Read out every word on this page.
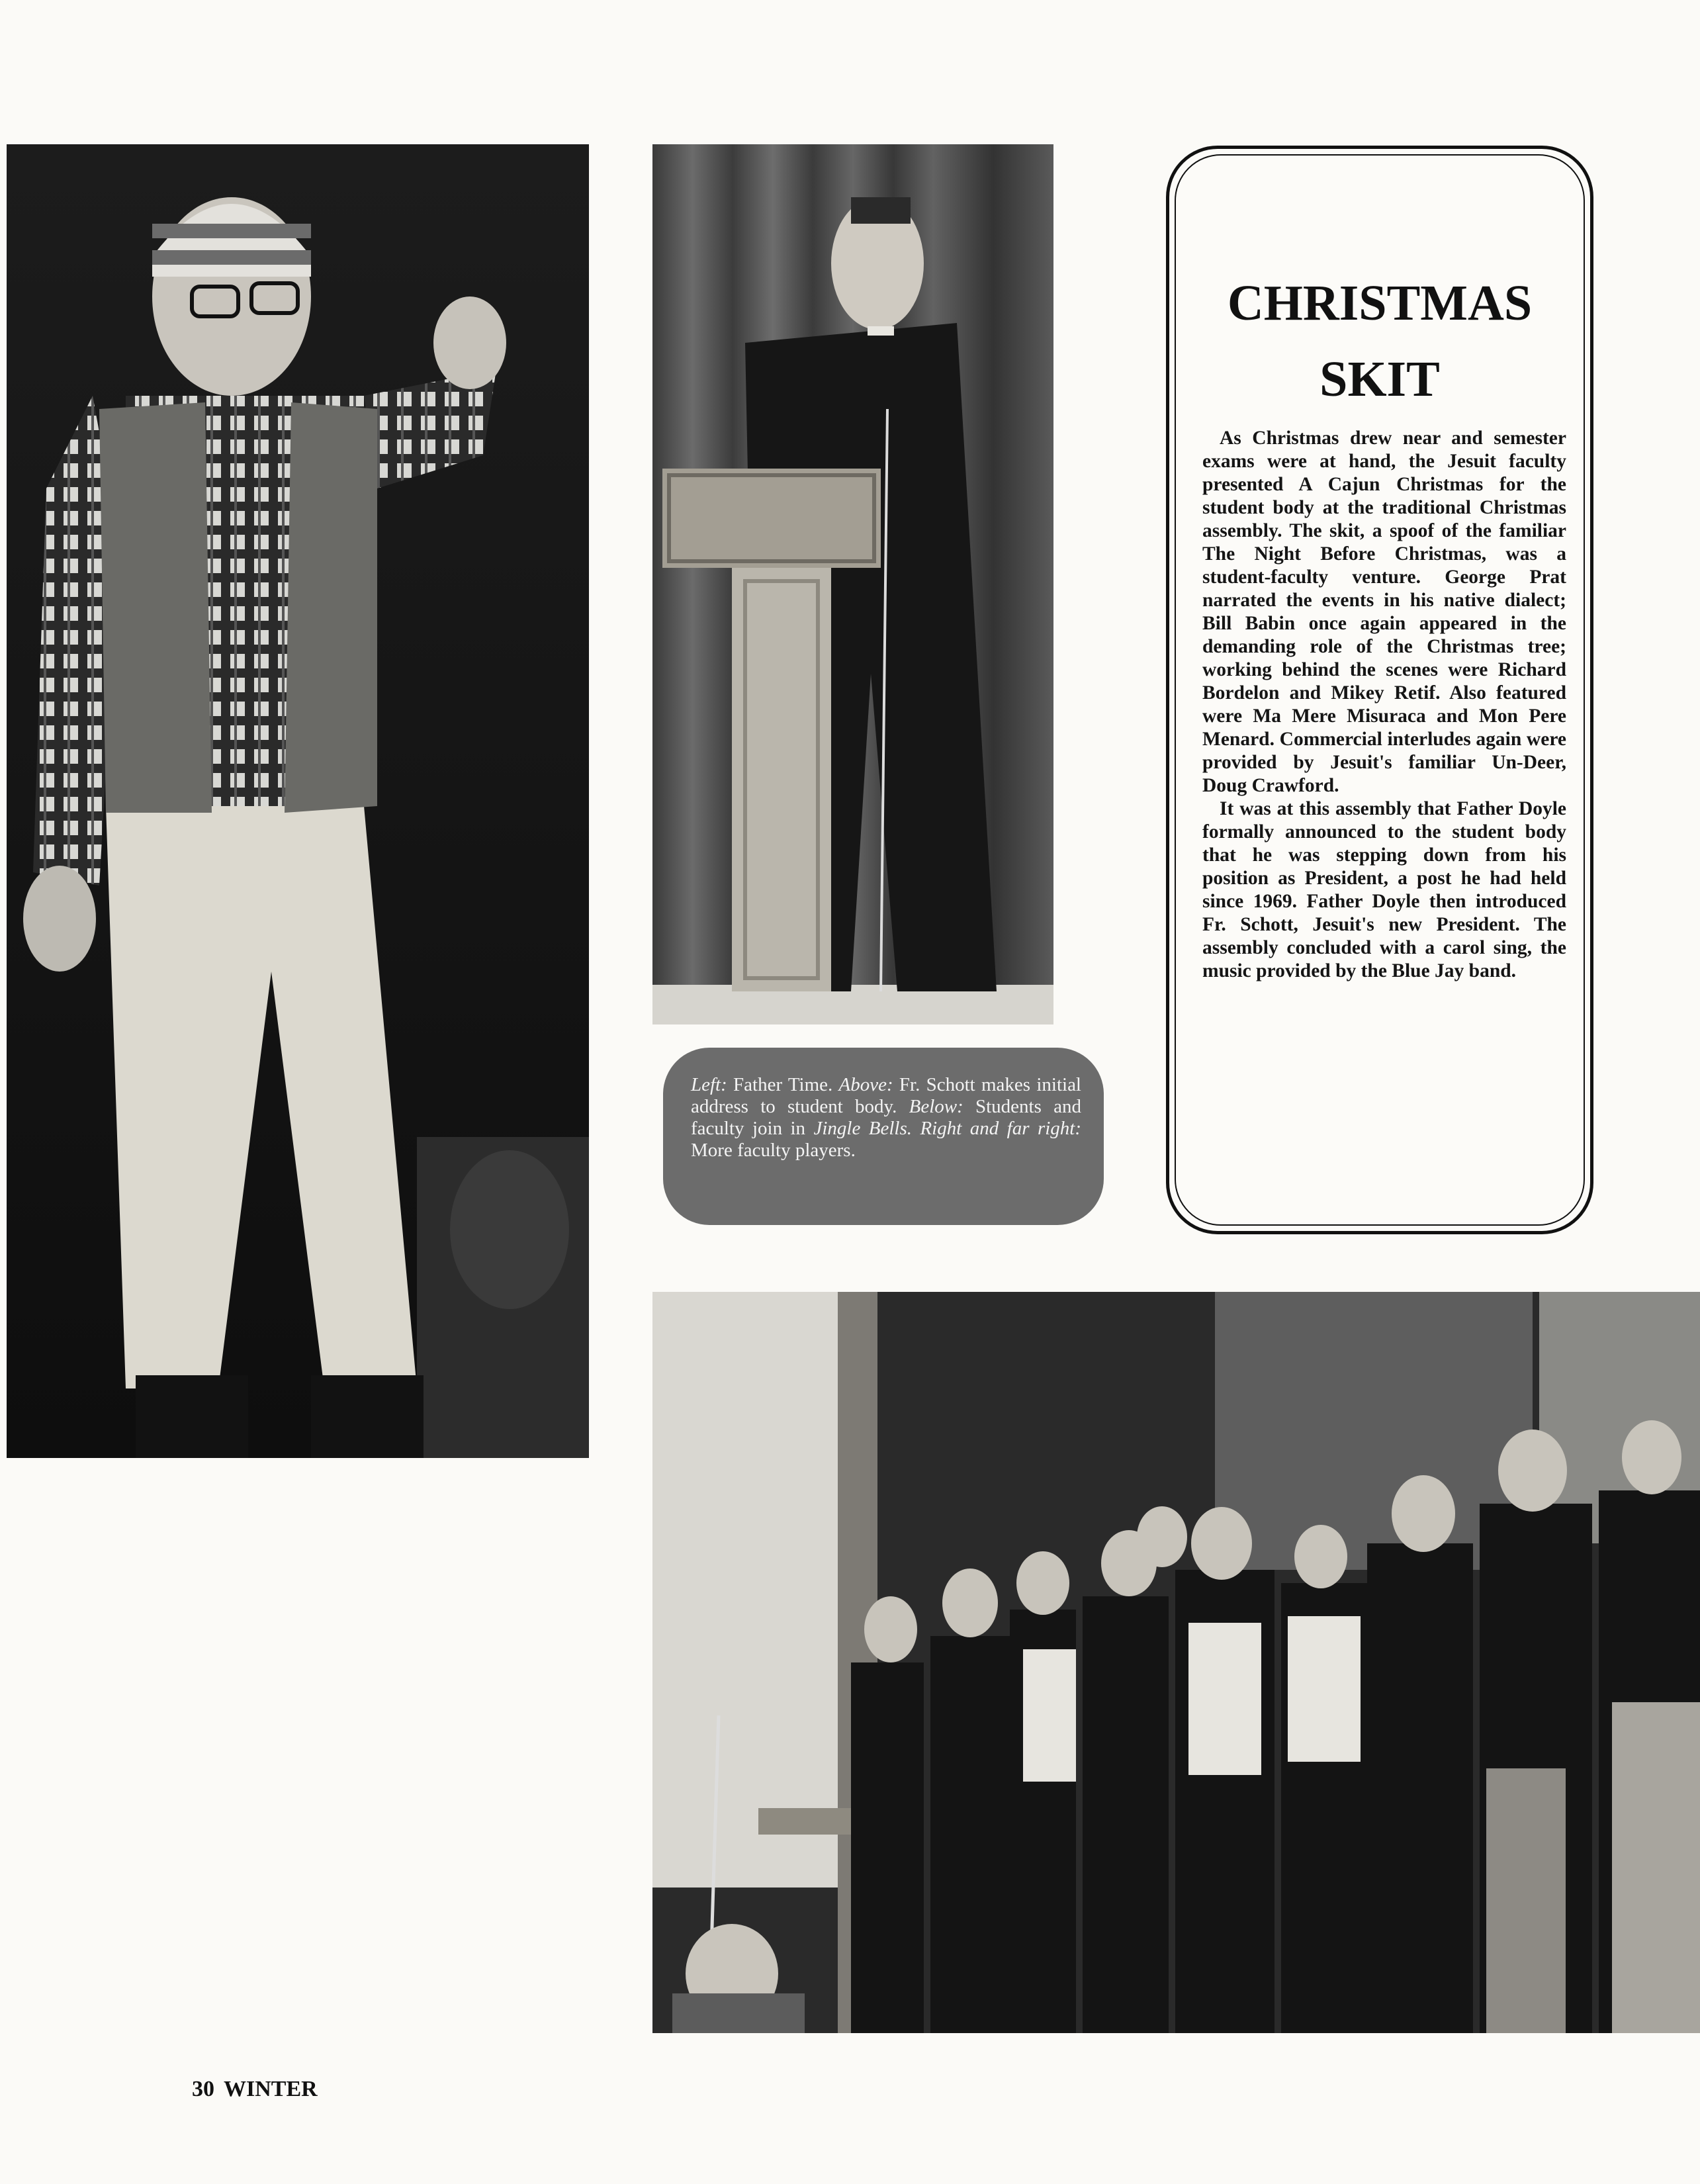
CHRISTMAS
SKIT

As Christmas drew near and semester exams were at hand, the Jesuit faculty presented A Cajun Christmas for the student body at the traditional Christmas assembly. The skit, a spoof of the familiar The Night Before Christmas, was a student-faculty venture. George Prat narrated the events in his native dialect; Bill Babin once again appeared in the demanding role of the Christmas tree; working behind the scenes were Richard Bordelon and Mikey Retif. Also featured were Ma Mere Misuraca and Mon Pere Menard. Commercial interludes again were provided by Jesuit's familiar Un-Deer, Doug Crawford.

It was at this assembly that Father Doyle formally announced to the student body that he was stepping down from his position as President, a post he had held since 1969. Father Doyle then introduced Fr. Schott, Jesuit's new President. The assembly concluded with a carol sing, the music provided by the Blue Jay band.

Left: Father Time. Above: Fr. Schott makes initial address to student body. Below: Students and faculty join in Jingle Bells. Right and far right: More faculty players.
30 WINTER
